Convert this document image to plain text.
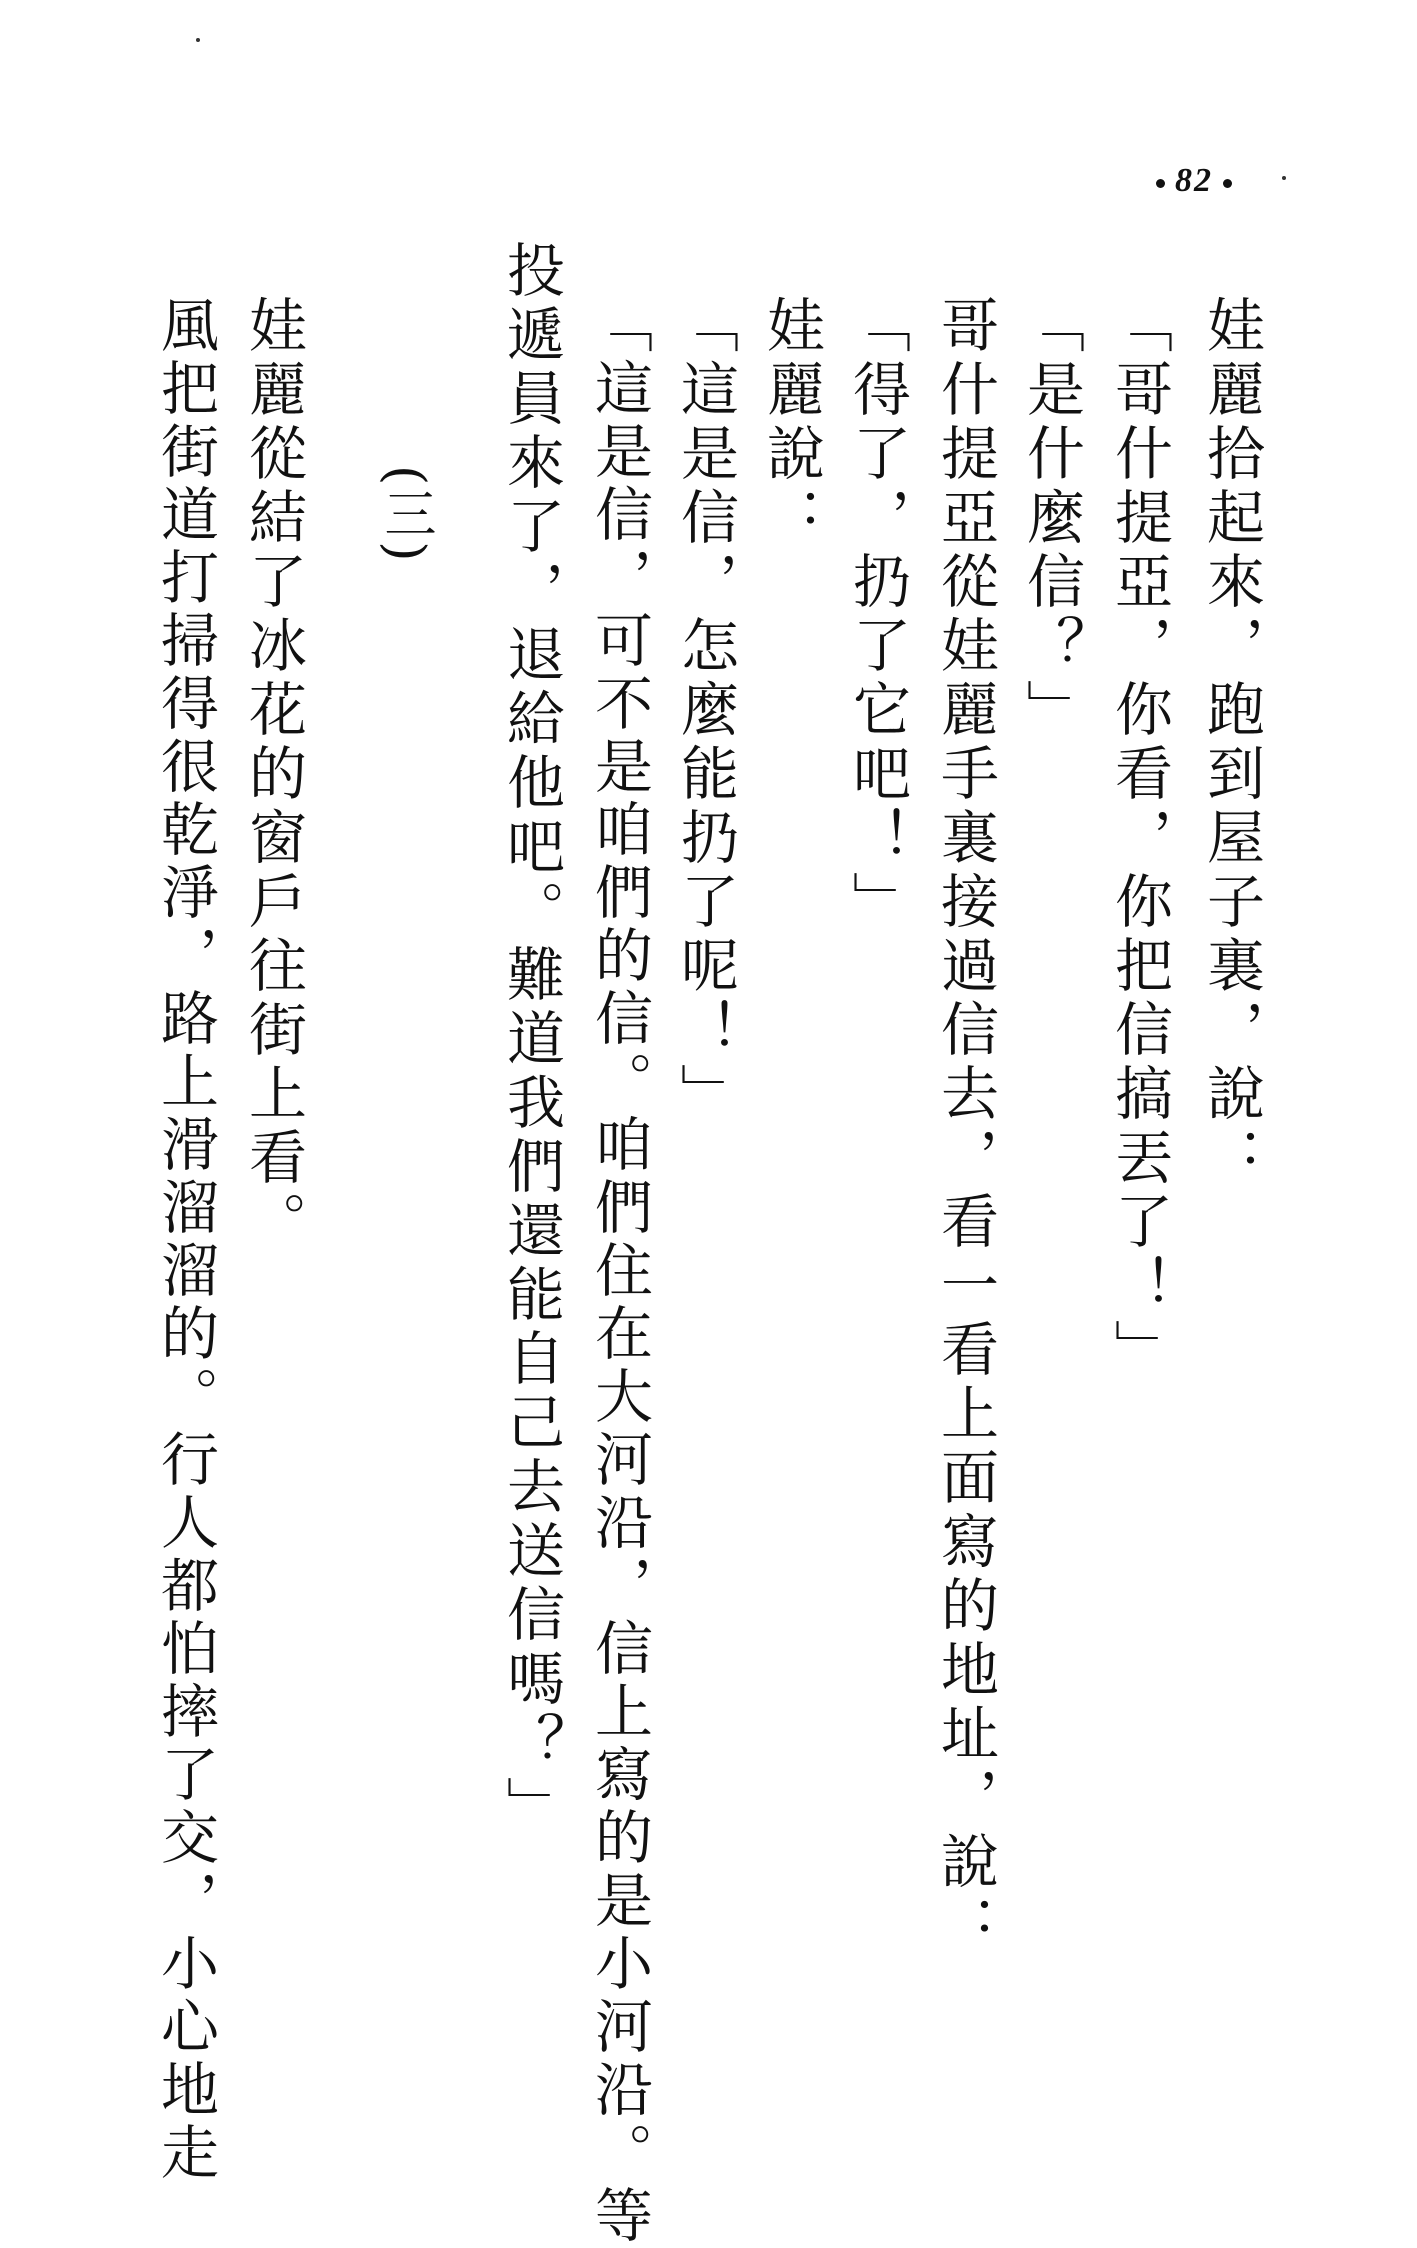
82
娃麗拾起來，跑到屋子裏，說：
「哥什提亞，你看，你把信搞丟了！」
「是什麼信？」
哥什提亞從娃麗手裏接過信去，看一看上面寫的地址，說：
「得了，扔了它吧！」
娃麗說：
「這是信，怎麼能扔了呢！」
「這是信，可不是咱們的信。咱們住在大河沿，信上寫的是小河沿。等
投遞員來了，退給他吧。難道我們還能自己去送信嗎？」
(三)
娃麗從結了冰花的窗戶往街上看。
風把街道打掃得很乾淨，路上滑溜溜的。行人都怕摔了交，小心地走
